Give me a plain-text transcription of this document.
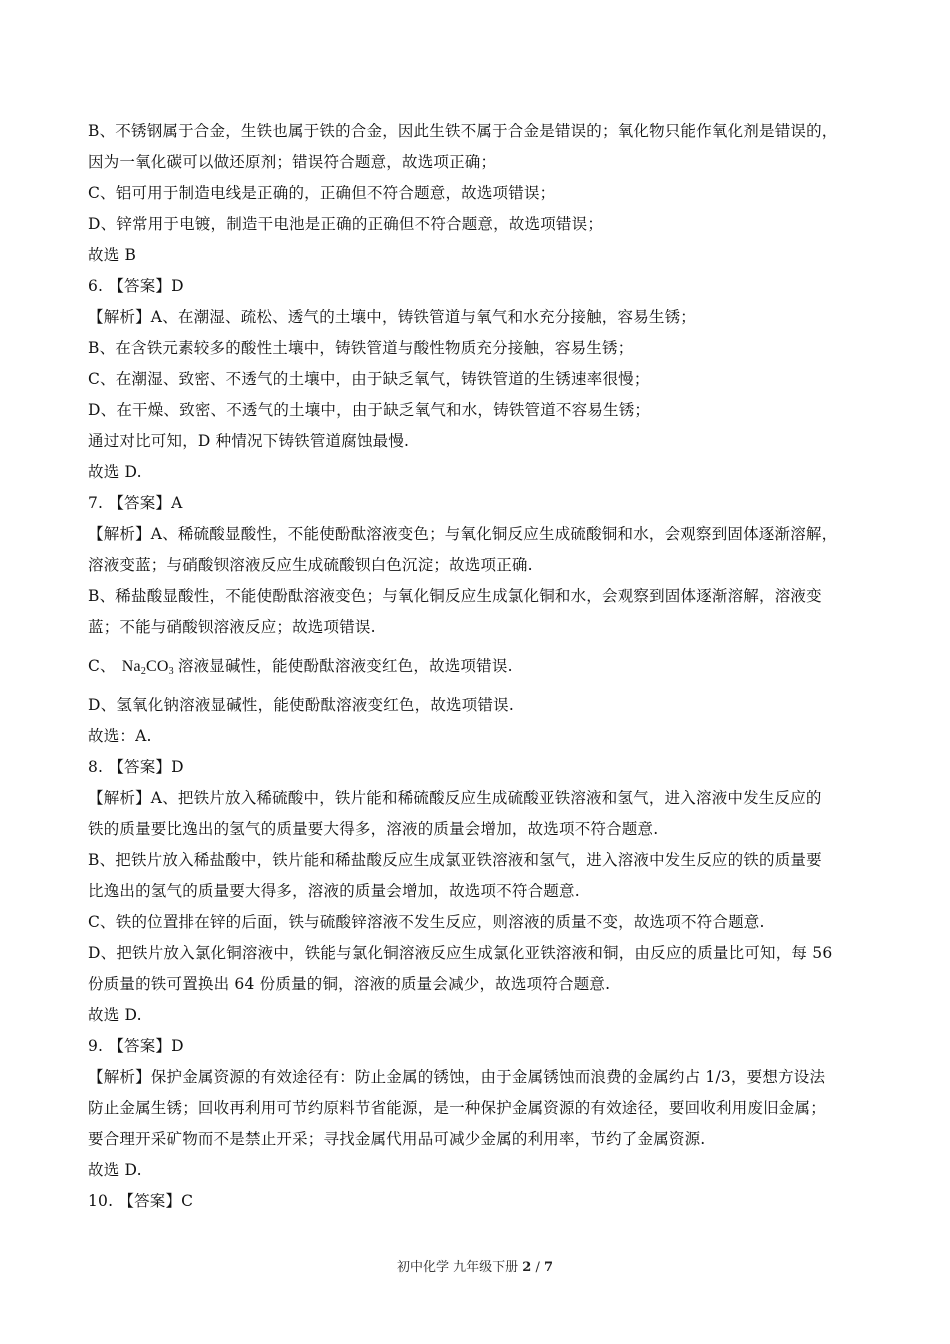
B、不锈钢属于合金，生铁也属于铁的合金，因此生铁不属于合金是错误的；氧化物只能作氧化剂是错误的，
因为一氧化碳可以做还原剂；错误符合题意，故选项正确；
C、铝可用于制造电线是正确的，正确但不符合题意，故选项错误；
D、锌常用于电镀，制造干电池是正确的正确但不符合题意，故选项错误；
故选 B
6. 【答案】D
【解析】A、在潮湿、疏松、透气的土壤中，铸铁管道与氧气和水充分接触，容易生锈；
B、在含铁元素较多的酸性土壤中，铸铁管道与酸性物质充分接触，容易生锈；
C、在潮湿、致密、不透气的土壤中，由于缺乏氧气，铸铁管道的生锈速率很慢；
D、在干燥、致密、不透气的土壤中，由于缺乏氧气和水，铸铁管道不容易生锈；
通过对比可知，D 种情况下铸铁管道腐蚀最慢.
故选 D.
7. 【答案】A
【解析】A、稀硫酸显酸性，不能使酚酞溶液变色；与氧化铜反应生成硫酸铜和水，会观察到固体逐渐溶解，
溶液变蓝；与硝酸钡溶液反应生成硫酸钡白色沉淀；故选项正确.
B、稀盐酸显酸性，不能使酚酞溶液变色；与氧化铜反应生成氯化铜和水，会观察到固体逐渐溶解，溶液变
蓝；不能与硝酸钡溶液反应；故选项错误.
C、 $Na_2CO_3$ 溶液显碱性，能使酚酞溶液变红色，故选项错误.
D、氢氧化钠溶液显碱性，能使酚酞溶液变红色，故选项错误.
故选：A.
8. 【答案】D
【解析】A、把铁片放入稀硫酸中，铁片能和稀硫酸反应生成硫酸亚铁溶液和氢气，进入溶液中发生反应的
铁的质量要比逸出的氢气的质量要大得多，溶液的质量会增加，故选项不符合题意.
B、把铁片放入稀盐酸中，铁片能和稀盐酸反应生成氯亚铁溶液和氢气，进入溶液中发生反应的铁的质量要
比逸出的氢气的质量要大得多，溶液的质量会增加，故选项不符合题意.
C、铁的位置排在锌的后面，铁与硫酸锌溶液不发生反应，则溶液的质量不变，故选项不符合题意.
D、把铁片放入氯化铜溶液中，铁能与氯化铜溶液反应生成氯化亚铁溶液和铜，由反应的质量比可知，每 56
份质量的铁可置换出 64 份质量的铜，溶液的质量会减少，故选项符合题意.
故选 D.
9. 【答案】D
【解析】保护金属资源的有效途径有：防止金属的锈蚀，由于金属锈蚀而浪费的金属约占 1/3，要想方设法
防止金属生锈；回收再利用可节约原料节省能源，是一种保护金属资源的有效途径，要回收利用废旧金属；
要合理开采矿物而不是禁止开采；寻找金属代用品可减少金属的利用率，节约了金属资源.
故选 D.
10. 【答案】C
初中化学 九年级下册 2 / 7
